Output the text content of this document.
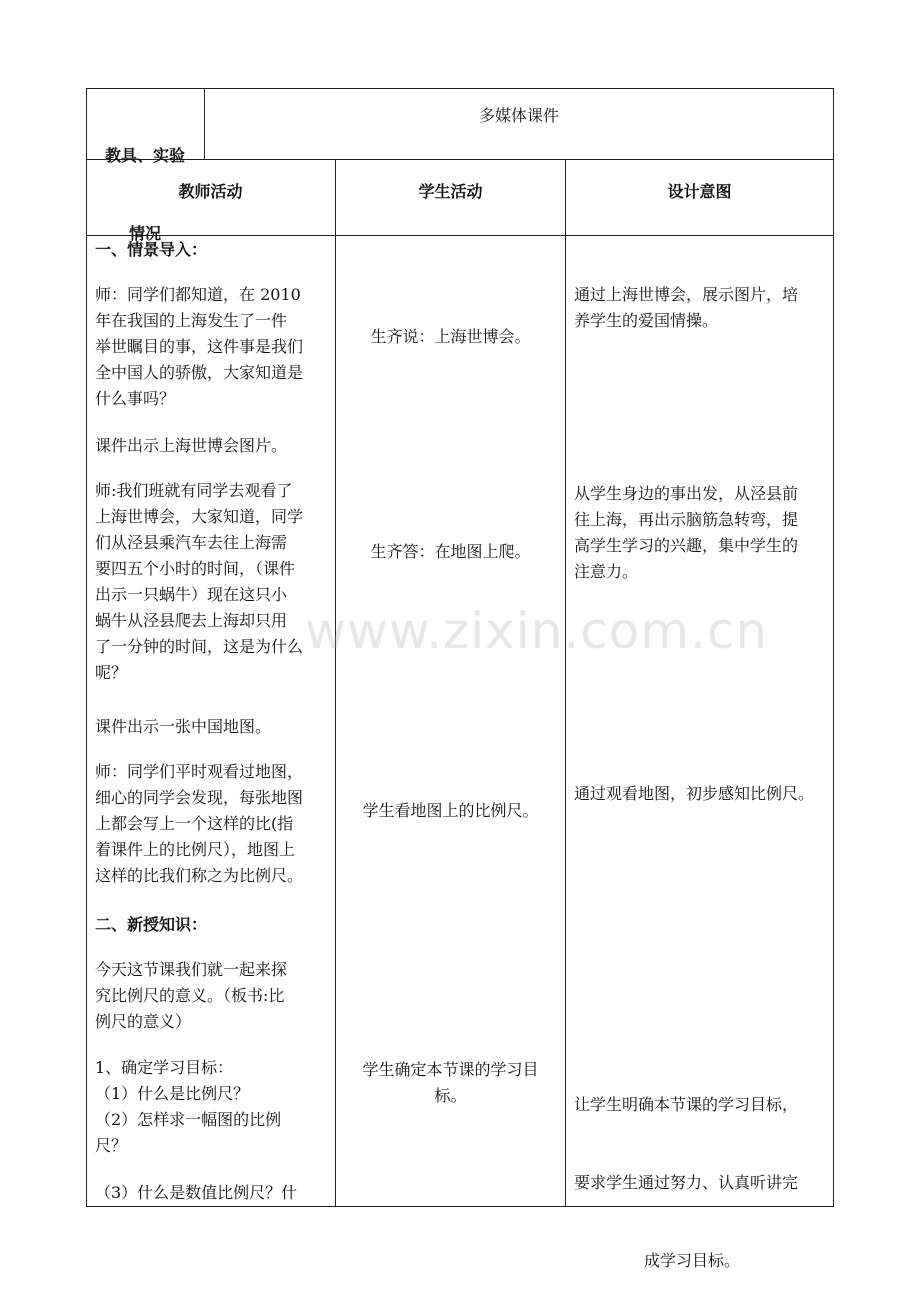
教具、实验

情况

多媒体课件
教师活动	学生活动	设计意图
一、情景导入：
师：同学们都知道，在 2010
年在我国的上海发生了一件
举世瞩目的事，这件事是我们
全中国人的骄傲，大家知道是
什么事吗？
课件出示上海世博会图片。
师:我们班就有同学去观看了
上海世博会，大家知道，同学
们从泾县乘汽车去往上海需
要四五个小时的时间，（课件
出示一只蜗牛）现在这只小
蜗牛从泾县爬去上海却只用
了一分钟的时间，这是为什么
呢？
课件出示一张中国地图。
师：同学们平时观看过地图，
细心的同学会发现，每张地图
上都会写上一个这样的比(指
着课件上的比例尺），地图上
这样的比我们称之为比例尺。
二、新授知识：
今天这节课我们就一起来探
究比例尺的意义。（板书:比
例尺的意义）
1、确定学习目标：
（1）什么是比例尺？
（2）怎样求一幅图的比例
尺？
（3）什么是数值比例尺？什
生齐说：上海世博会。
生齐答：在地图上爬。
学生看地图上的比例尺。
学生确定本节课的学习目
标。
通过上海世博会，展示图片，培
养学生的爱国情操。
从学生身边的事出发，从泾县前
往上海，再出示脑筋急转弯，提
高学生学习的兴趣，集中学生的
注意力。
通过观看地图，初步感知比例尺。

让学生明确本节课的学习目标，

要求学生通过努力、认真听讲完

成学习目标。

www.zixin.com.cn
